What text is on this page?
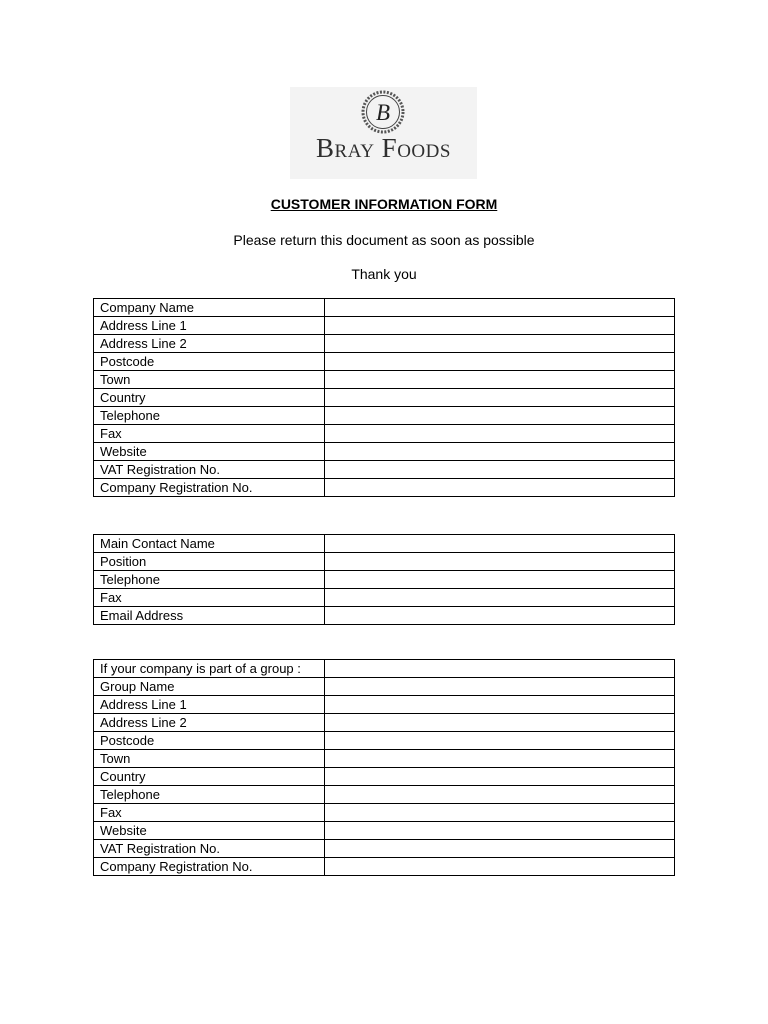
B
Bray Foods
CUSTOMER INFORMATION FORM
Please return this document as soon as possible
Thank you
Company Name	
Address Line 1	
Address Line 2	
Postcode	
Town	
Country	
Telephone	
Fax	
Website	
VAT Registration No.	
Company Registration No.	
Main Contact Name	
Position	
Telephone	
Fax	
Email Address	
If your company is part of a group :	
Group Name	
Address Line 1	
Address Line 2	
Postcode	
Town	
Country	
Telephone	
Fax	
Website	
VAT Registration No.	
Company Registration No.	
